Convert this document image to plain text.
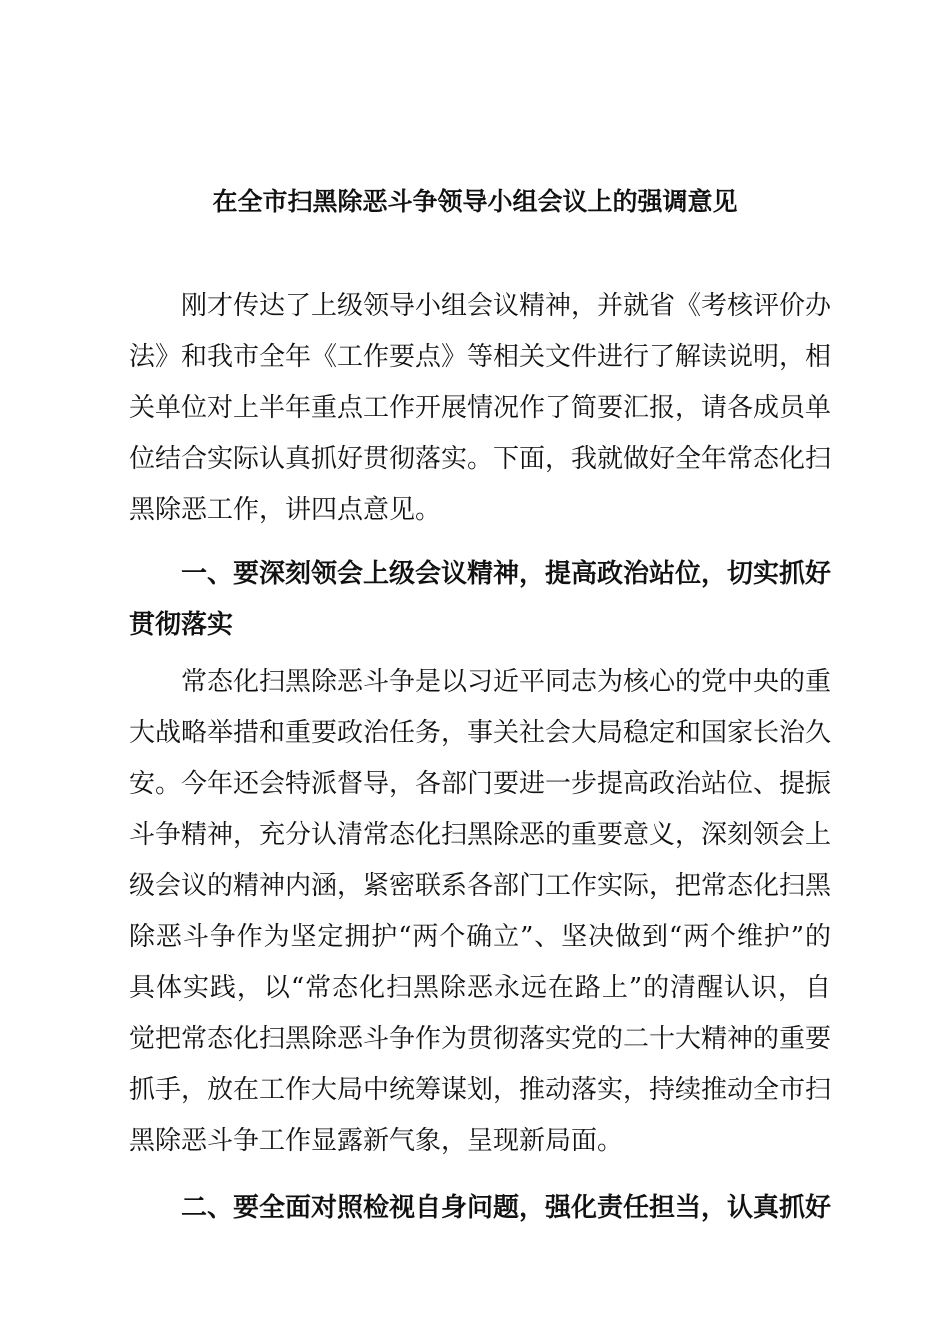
在全市扫黑除恶斗争领导小组会议上的强调意见

刚才传达了上级领导小组会议精神，并就省《考核评价办法》和我市全年《工作要点》等相关文件进行了解读说明，相关单位对上半年重点工作开展情况作了简要汇报，请各成员单位结合实际认真抓好贯彻落实。下面，我就做好全年常态化扫黑除恶工作，讲四点意见。

一、要深刻领会上级会议精神，提高政治站位，切实抓好贯彻落实

常态化扫黑除恶斗争是以习近平同志为核心的党中央的重大战略举措和重要政治任务，事关社会大局稳定和国家长治久安。今年还会特派督导，各部门要进一步提高政治站位、提振斗争精神，充分认清常态化扫黑除恶的重要意义，深刻领会上级会议的精神内涵，紧密联系各部门工作实际，把常态化扫黑除恶斗争作为坚定拥护“两个确立”、坚决做到“两个维护”的具体实践，以“常态化扫黑除恶永远在路上”的清醒认识，自觉把常态化扫黑除恶斗争作为贯彻落实党的二十大精神的重要抓手，放在工作大局中统筹谋划，推动落实，持续推动全市扫黑除恶斗争工作显露新气象，呈现新局面。

二、要全面对照检视自身问题，强化责任担当，认真抓好
